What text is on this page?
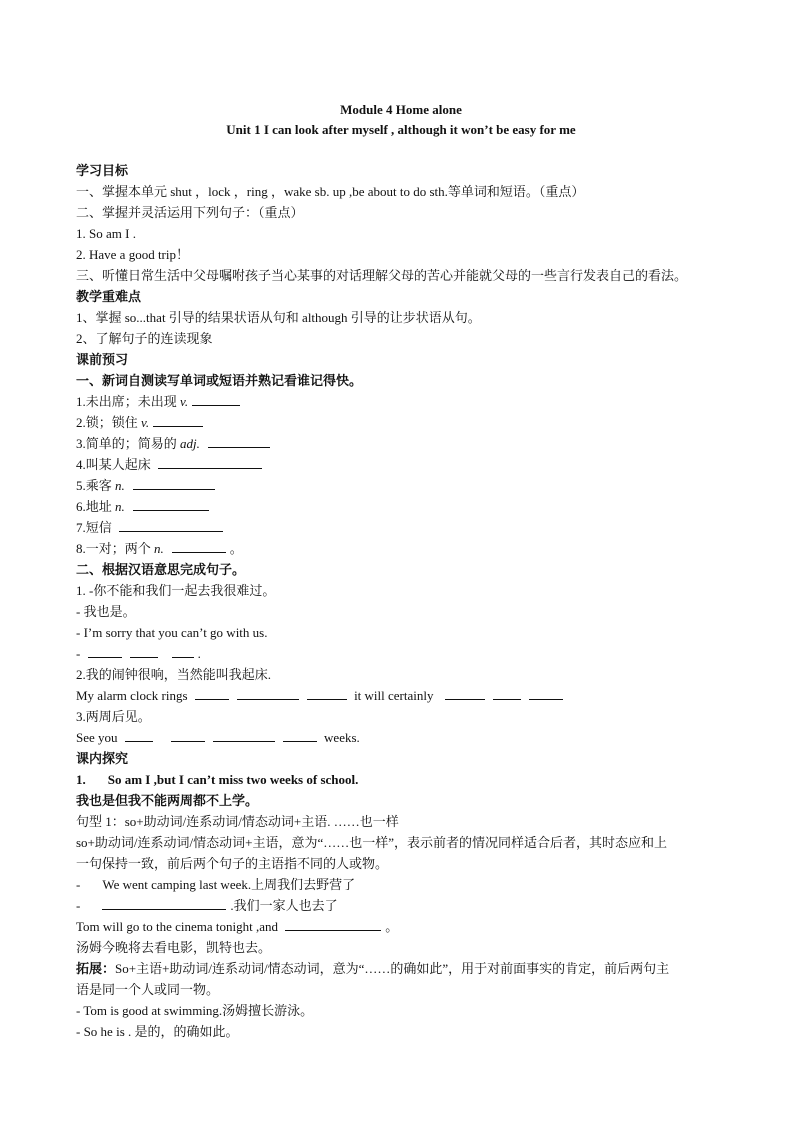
Module 4 Home alone
Unit 1 I can look after myself , although it won’t be easy for me
学习目标
一、掌握本单元 shut ，lock ，ring ，wake sb. up ,be about to do sth.等单词和短语。（重点）
二、掌握并灵活运用下列句子：（重点）
1. So am I .
2. Have a good trip！
三、听懂日常生活中父母嘱咐孩子当心某事的对话理解父母的苦心并能就父母的一些言行发表自己的看法。
教学重难点
1、掌握 so...that 引导的结果状语从句和 although 引导的让步状语从句。
2、了解句子的连读现象
课前预习
一、新词自测读写单词或短语并熟记看谁记得快。
1.未出席；未出现 v.
2.锁；锁住 v.
3.简单的；简易的 adj.
4.叫某人起床
5.乘客 n.
6.地址 n.
7.短信
8.一对；两个 n.	。
二、根据汉语意思完成句子。
1. -你不能和我们一起去我很难过。
- 我也是。
- I’m sorry that you can’t go with us.
-	.
2.我的闹钟很响，当然能叫我起床.
My alarm clock rings	it will certainly
3.两周后见。
See you	weeks.
课内探究
1. So am I ,but I can’t miss two weeks of school.
我也是但我不能两周都不上学。
句型 1：so+助动词/连系动词/情态动词+主语. ……也一样
so+助动词/连系动词/情态动词+主语，意为“……也一样”，表示前者的情况同样适合后者，其时态应和上
一句保持一致，前后两个句子的主语指不同的人或物。
- We went camping last week.上周我们去野营了
-	.我们一家人也去了
Tom will go to the cinema tonight ,and	。
汤姆今晚将去看电影，凯特也去。
拓展：So+主语+助动词/连系动词/情态动词，意为“……的确如此”，用于对前面事实的肯定，前后两句主
语是同一个人或同一物。
- Tom is good at swimming.汤姆擅长游泳。
- So he is . 是的，的确如此。
